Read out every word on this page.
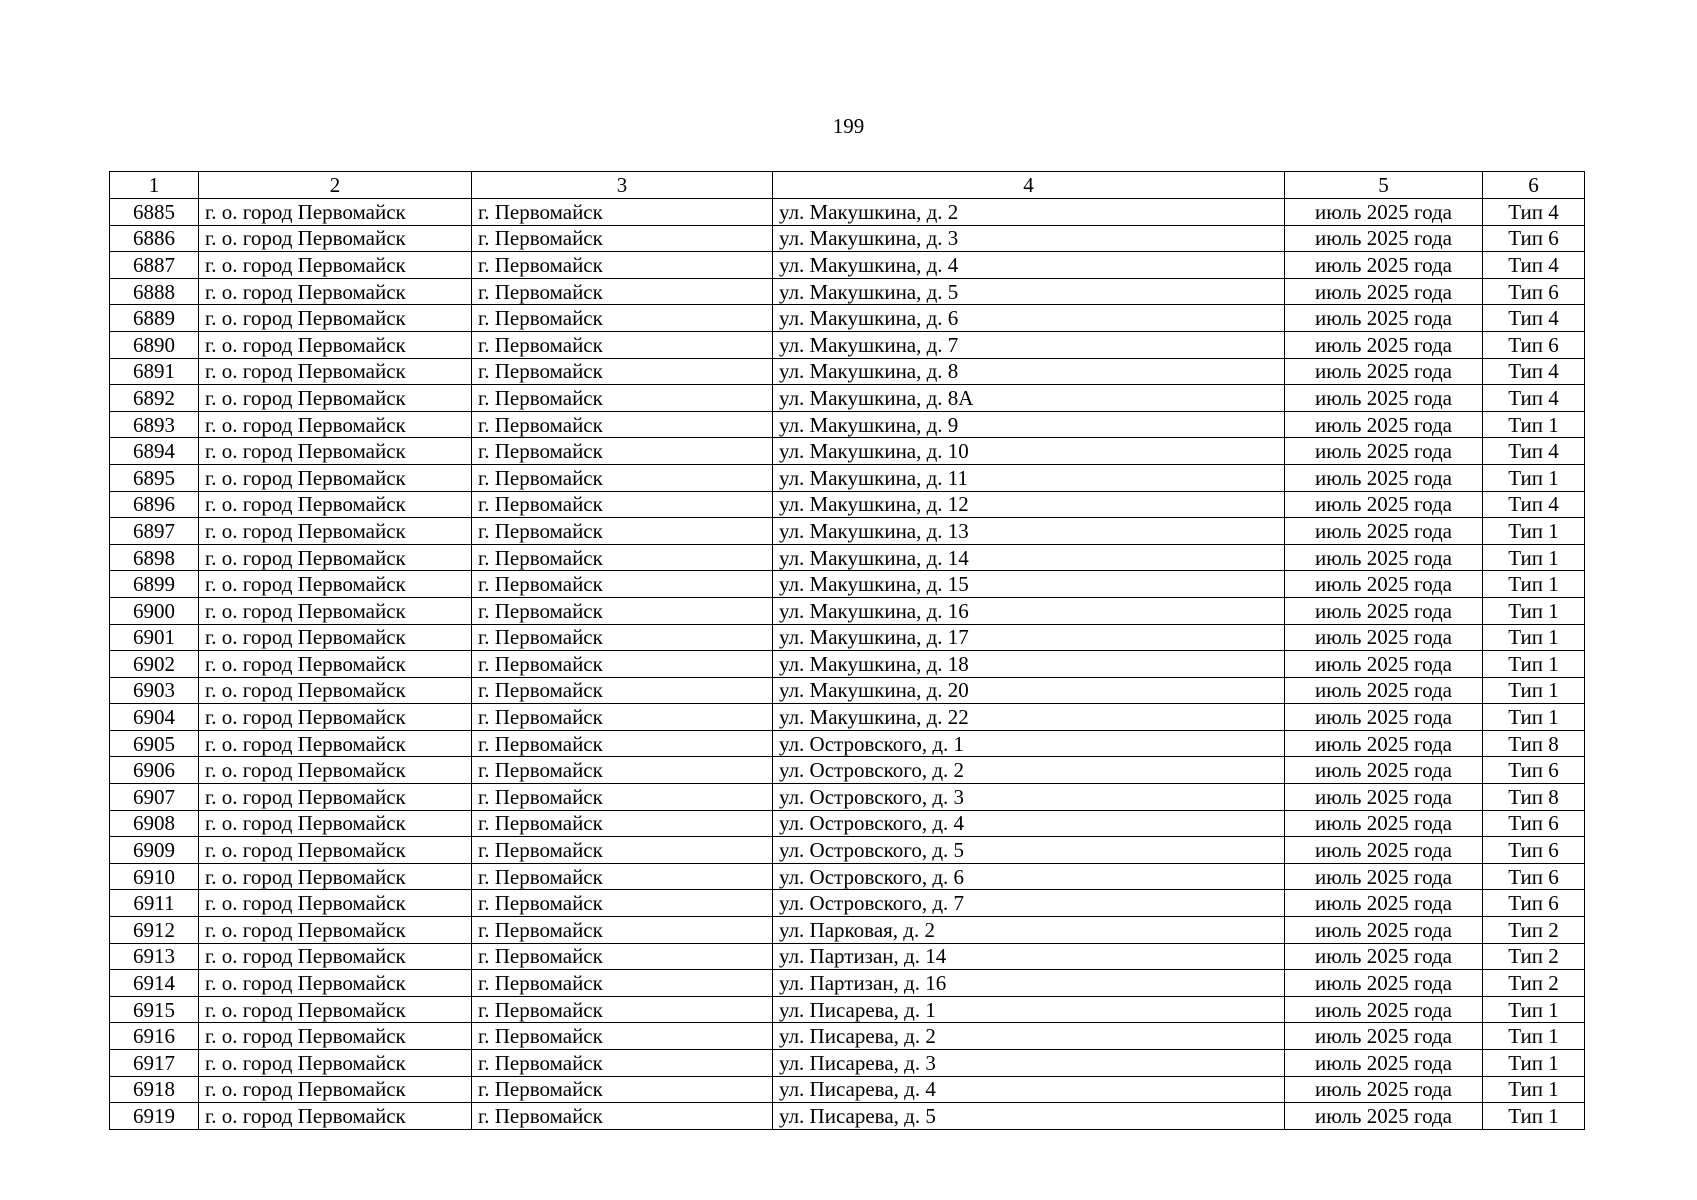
199
1	2	3	4	5	6
6885	г. о. город Первомайск	г. Первомайск	ул. Макушкина, д. 2	июль 2025 года	Тип 4
6886	г. о. город Первомайск	г. Первомайск	ул. Макушкина, д. 3	июль 2025 года	Тип 6
6887	г. о. город Первомайск	г. Первомайск	ул. Макушкина, д. 4	июль 2025 года	Тип 4
6888	г. о. город Первомайск	г. Первомайск	ул. Макушкина, д. 5	июль 2025 года	Тип 6
6889	г. о. город Первомайск	г. Первомайск	ул. Макушкина, д. 6	июль 2025 года	Тип 4
6890	г. о. город Первомайск	г. Первомайск	ул. Макушкина, д. 7	июль 2025 года	Тип 6
6891	г. о. город Первомайск	г. Первомайск	ул. Макушкина, д. 8	июль 2025 года	Тип 4
6892	г. о. город Первомайск	г. Первомайск	ул. Макушкина, д. 8А	июль 2025 года	Тип 4
6893	г. о. город Первомайск	г. Первомайск	ул. Макушкина, д. 9	июль 2025 года	Тип 1
6894	г. о. город Первомайск	г. Первомайск	ул. Макушкина, д. 10	июль 2025 года	Тип 4
6895	г. о. город Первомайск	г. Первомайск	ул. Макушкина, д. 11	июль 2025 года	Тип 1
6896	г. о. город Первомайск	г. Первомайск	ул. Макушкина, д. 12	июль 2025 года	Тип 4
6897	г. о. город Первомайск	г. Первомайск	ул. Макушкина, д. 13	июль 2025 года	Тип 1
6898	г. о. город Первомайск	г. Первомайск	ул. Макушкина, д. 14	июль 2025 года	Тип 1
6899	г. о. город Первомайск	г. Первомайск	ул. Макушкина, д. 15	июль 2025 года	Тип 1
6900	г. о. город Первомайск	г. Первомайск	ул. Макушкина, д. 16	июль 2025 года	Тип 1
6901	г. о. город Первомайск	г. Первомайск	ул. Макушкина, д. 17	июль 2025 года	Тип 1
6902	г. о. город Первомайск	г. Первомайск	ул. Макушкина, д. 18	июль 2025 года	Тип 1
6903	г. о. город Первомайск	г. Первомайск	ул. Макушкина, д. 20	июль 2025 года	Тип 1
6904	г. о. город Первомайск	г. Первомайск	ул. Макушкина, д. 22	июль 2025 года	Тип 1
6905	г. о. город Первомайск	г. Первомайск	ул. Островского, д. 1	июль 2025 года	Тип 8
6906	г. о. город Первомайск	г. Первомайск	ул. Островского, д. 2	июль 2025 года	Тип 6
6907	г. о. город Первомайск	г. Первомайск	ул. Островского, д. 3	июль 2025 года	Тип 8
6908	г. о. город Первомайск	г. Первомайск	ул. Островского, д. 4	июль 2025 года	Тип 6
6909	г. о. город Первомайск	г. Первомайск	ул. Островского, д. 5	июль 2025 года	Тип 6
6910	г. о. город Первомайск	г. Первомайск	ул. Островского, д. 6	июль 2025 года	Тип 6
6911	г. о. город Первомайск	г. Первомайск	ул. Островского, д. 7	июль 2025 года	Тип 6
6912	г. о. город Первомайск	г. Первомайск	ул. Парковая, д. 2	июль 2025 года	Тип 2
6913	г. о. город Первомайск	г. Первомайск	ул. Партизан, д. 14	июль 2025 года	Тип 2
6914	г. о. город Первомайск	г. Первомайск	ул. Партизан, д. 16	июль 2025 года	Тип 2
6915	г. о. город Первомайск	г. Первомайск	ул. Писарева, д. 1	июль 2025 года	Тип 1
6916	г. о. город Первомайск	г. Первомайск	ул. Писарева, д. 2	июль 2025 года	Тип 1
6917	г. о. город Первомайск	г. Первомайск	ул. Писарева, д. 3	июль 2025 года	Тип 1
6918	г. о. город Первомайск	г. Первомайск	ул. Писарева, д. 4	июль 2025 года	Тип 1
6919	г. о. город Первомайск	г. Первомайск	ул. Писарева, д. 5	июль 2025 года	Тип 1
